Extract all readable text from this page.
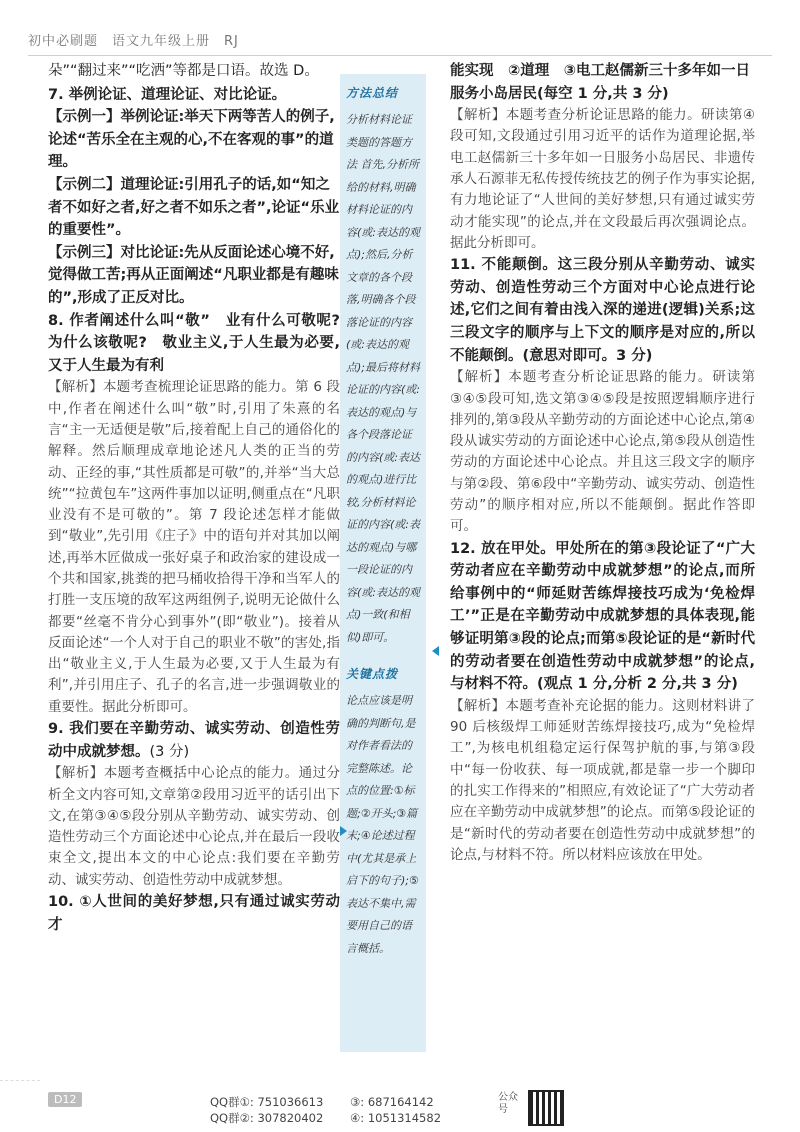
初中必刷题　语文九年级上册　RJ
朵”“翻过来”“吃洒”等都是口语。故选 D。
7. 举例论证、道理论证、对比论证。
【示例一】举例论证:举天下两等苦人的例子,论述“苦乐全在主观的心,不在客观的事”的道理。
【示例二】道理论证:引用孔子的话,如“知之者不如好之者,好之者不如乐之者”,论证“乐业的重要性”。
【示例三】对比论证:先从反面论述心境不好,觉得做工苦;再从正面阐述“凡职业都是有趣味的”,形成了正反对比。
8. 作者阐述什么叫“敬”　业有什么可敬呢? 为什么该敬呢?　敬业主义,于人生最为必要,又于人生最为有利
【解析】本题考查梳理论证思路的能力。第 6 段中,作者在阐述什么叫“敬”时,引用了朱熹的名言“主一无适便是敬”后,接着配上自己的通俗化的解释。然后顺理成章地论述凡人类的正当的劳动、正经的事,“其性质都是可敬”的,并举“当大总统”“拉黄包车”这两件事加以证明,侧重点在“凡职业没有不是可敬的”。第 7 段论述怎样才能做到“敬业”,先引用《庄子》中的语句并对其加以阐述,再举木匠做成一张好桌子和政治家的建设成一个共和国家,挑粪的把马桶收拾得干净和当军人的打胜一支压境的敌军这两组例子,说明无论做什么都要“丝毫不肯分心到事外”(即“敬业”)。接着从反面论述“一个人对于自己的职业不敬”的害处,指出“敬业主义,于人生最为必要,又于人生最为有利”,并引用庄子、孔子的名言,进一步强调敬业的重要性。据此分析即可。
9. 我们要在辛勤劳动、诚实劳动、创造性劳动中成就梦想。(3 分)
【解析】本题考查概括中心论点的能力。通过分析全文内容可知,文章第②段用习近平的话引出下文,在第③④⑤段分别从辛勤劳动、诚实劳动、创造性劳动三个方面论述中心论点,并在最后一段收束全文,提出本文的中心论点:我们要在辛勤劳动、诚实劳动、创造性劳动中成就梦想。
10. ①人世间的美好梦想,只有通过诚实劳动才
方法总结
分析材料论证类题的答题方法 首先,分析所给的材料,明确材料论证的内容(或:表达的观点);然后,分析文章的各个段落,明确各个段落论证的内容(或:表达的观点);最后将材料论证的内容(或:表达的观点)与各个段落论证的内容(或:表达的观点)进行比较,分析材料论证的内容(或:表达的观点)与哪一段论证的内容(或:表达的观点)一致(和相似)即可。
关键点拨
论点应该是明确的判断句,是对作者看法的完整陈述。论点的位置:①标题;②开头;③篇末;④论述过程中(尤其是承上启下的句子);⑤表达不集中,需要用自己的语言概括。
能实现　②道理　③电工赵儒新三十多年如一日服务小岛居民(每空 1 分,共 3 分)
【解析】本题考查分析论证思路的能力。研读第④段可知,文段通过引用习近平的话作为道理论据,举电工赵儒新三十多年如一日服务小岛居民、非遗传承人石源菲无私传授传统技艺的例子作为事实论据,有力地论证了“人世间的美好梦想,只有通过诚实劳动才能实现”的论点,并在文段最后再次强调论点。据此分析即可。
11. 不能颠倒。这三段分别从辛勤劳动、诚实劳动、创造性劳动三个方面对中心论点进行论述,它们之间有着由浅入深的递进(逻辑)关系;这三段文字的顺序与上下文的顺序是对应的,所以不能颠倒。(意思对即可。3 分)
【解析】本题考查分析论证思路的能力。研读第③④⑤段可知,选文第③④⑤段是按照逻辑顺序进行排列的,第③段从辛勤劳动的方面论述中心论点,第④段从诚实劳动的方面论述中心论点,第⑤段从创造性劳动的方面论述中心论点。并且这三段文字的顺序与第②段、第⑥段中“辛勤劳动、诚实劳动、创造性劳动”的顺序相对应,所以不能颠倒。据此作答即可。
12. 放在甲处。甲处所在的第③段论证了“广大劳动者应在辛勤劳动中成就梦想”的论点,而所给事例中的“师延财苦练焊接技巧成为‘免检焊工’”正是在辛勤劳动中成就梦想的具体表现,能够证明第③段的论点;而第⑤段论证的是“新时代的劳动者要在创造性劳动中成就梦想”的论点,与材料不符。(观点 1 分,分析 2 分,共 3 分)
【解析】本题考查补充论据的能力。这则材料讲了 90 后核级焊工师延财苦练焊接技巧,成为“免检焊工”,为核电机组稳定运行保驾护航的事,与第③段中“每一份收获、每一项成就,都是靠一步一个脚印的扎实工作得来的”相照应,有效论证了“广大劳动者应在辛勤劳动中成就梦想”的论点。而第⑤段论证的是“新时代的劳动者要在创造性劳动中成就梦想”的论点,与材料不符。所以材料应该放在甲处。
D12	QQ群①: 751036613	③: 687164142
QQ群②: 307820402	④: 1051314582
公众号
